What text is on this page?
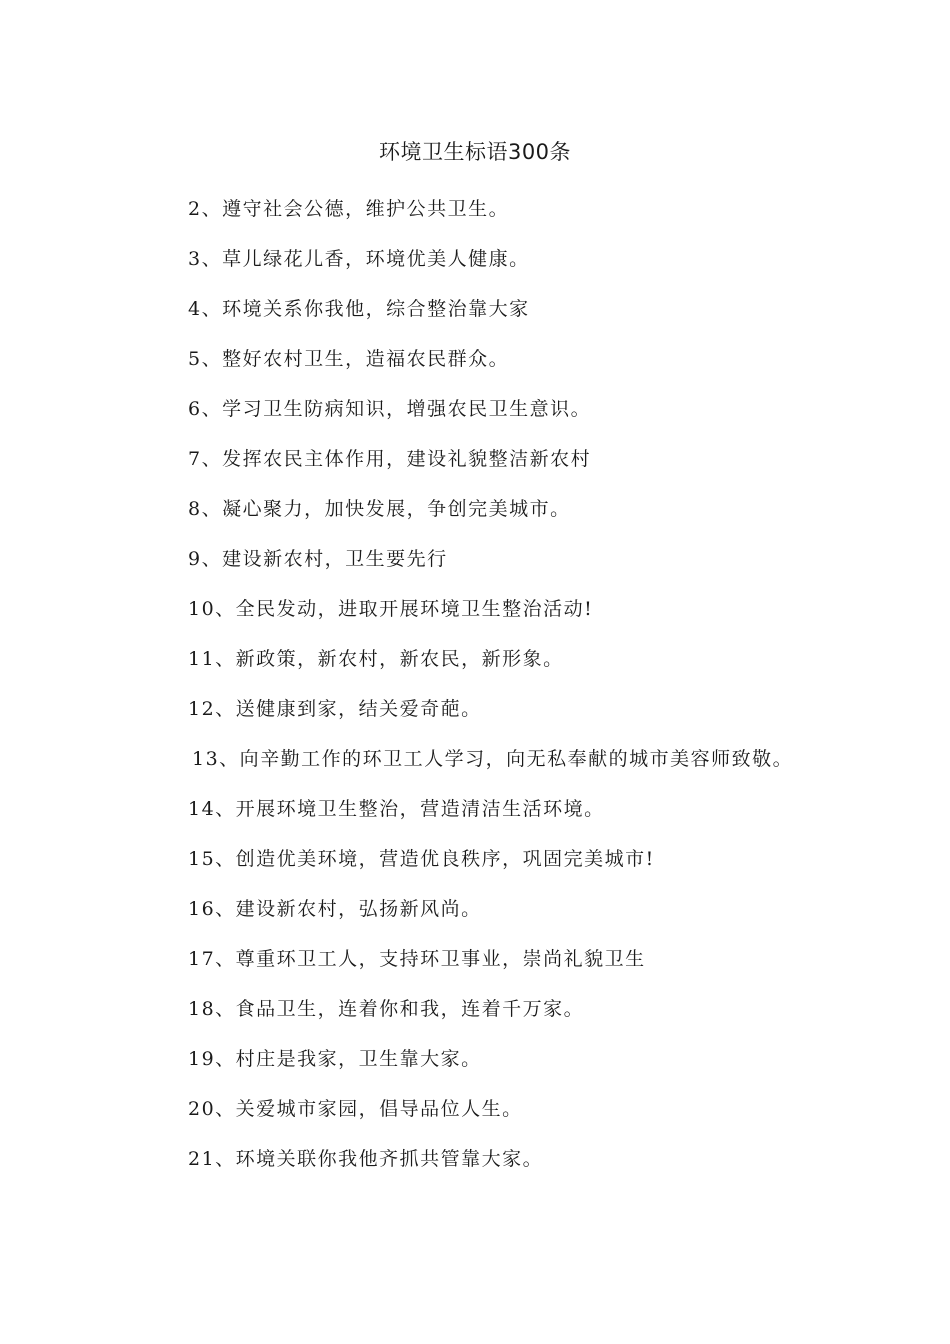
环境卫生标语300条
2、遵守社会公德，维护公共卫生。
3、草儿绿花儿香，环境优美人健康。
4、环境关系你我他，综合整治靠大家
5、整好农村卫生，造福农民群众。
6、学习卫生防病知识，增强农民卫生意识。
7、发挥农民主体作用，建设礼貌整洁新农村
8、凝心聚力，加快发展，争创完美城市。
9、建设新农村，卫生要先行
10、全民发动，进取开展环境卫生整治活动!
11、新政策，新农村，新农民，新形象。
12、送健康到家，结关爱奇葩。
13、向辛勤工作的环卫工人学习，向无私奉献的城市美容师致敬。
14、开展环境卫生整治，营造清洁生活环境。
15、创造优美环境，营造优良秩序，巩固完美城市!
16、建设新农村，弘扬新风尚。
17、尊重环卫工人，支持环卫事业，崇尚礼貌卫生
18、食品卫生，连着你和我，连着千万家。
19、村庄是我家，卫生靠大家。
20、关爱城市家园，倡导品位人生。
21、环境关联你我他齐抓共管靠大家。
